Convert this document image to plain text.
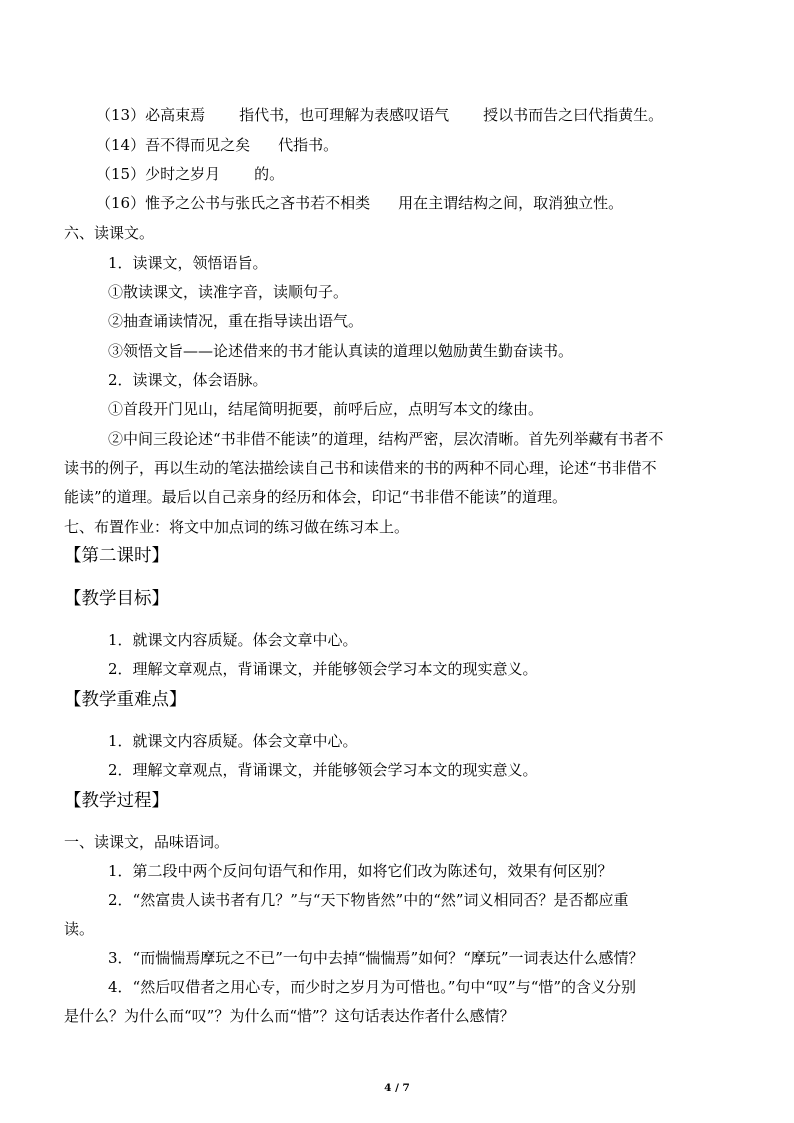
（13）必高束焉 指代书，也可理解为表感叹语气 授以书而告之曰代指黄生。
（14）吾不得而见之矣 代指书。
（15）少时之岁月 的。
（16）惟予之公书与张氏之吝书若不相类 用在主谓结构之间，取消独立性。
六、读课文。
1．读课文，领悟语旨。
①散读课文，读准字音，读顺句子。
②抽查诵读情况，重在指导读出语气。
③领悟文旨——论述借来的书才能认真读的道理以勉励黄生勤奋读书。
2．读课文，体会语脉。
①首段开门见山，结尾简明扼要，前呼后应，点明写本文的缘由。
②中间三段论述“书非借不能读”的道理，结构严密，层次清晰。首先列举藏有书者不
读书的例子，再以生动的笔法描绘读自己书和读借来的书的两种不同心理，论述“书非借不
能读”的道理。最后以自己亲身的经历和体会，印记“书非借不能读”的道理。
七、布置作业：将文中加点词的练习做在练习本上。
【第二课时】
【教学目标】
1．就课文内容质疑。体会文章中心。
2．理解文章观点，背诵课文，并能够领会学习本文的现实意义。
【教学重难点】
1．就课文内容质疑。体会文章中心。
2．理解文章观点，背诵课文，并能够领会学习本文的现实意义。
【教学过程】
一、读课文，品味语词。
1．第二段中两个反问句语气和作用，如将它们改为陈述句，效果有何区别？
2．“然富贵人读书者有几？”与“天下物皆然”中的“然”词义相同否？是否都应重
读。
3．“而惴惴焉摩玩之不已”一句中去掉“惴惴焉”如何？“摩玩”一词表达什么感情？
4．“然后叹借者之用心专，而少时之岁月为可惜也。”句中“叹”与“惜”的含义分别
是什么？为什么而“叹”？为什么而“惜”？这句话表达作者什么感情？
4 / 7
